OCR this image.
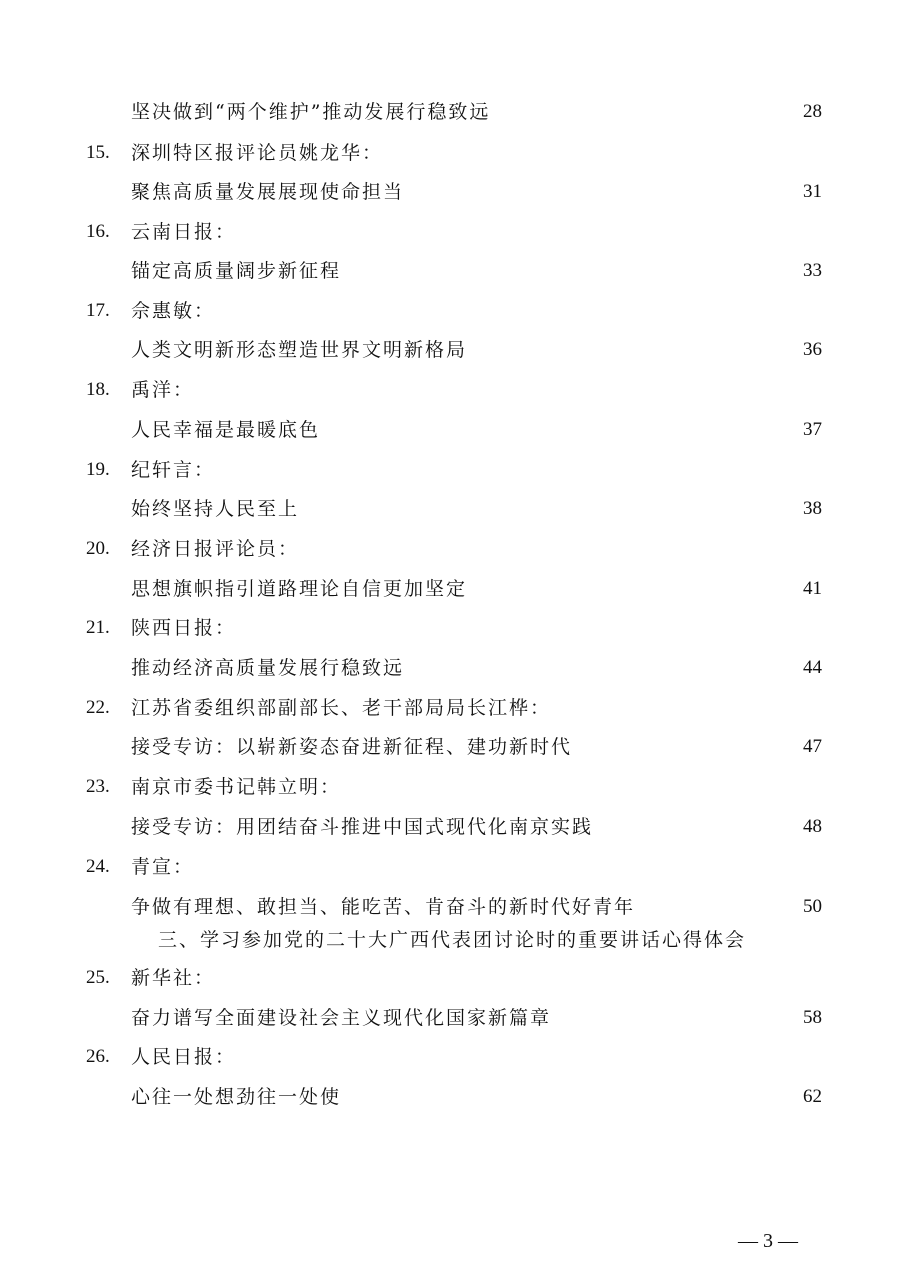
坚决做到“两个维护”推动发展行稳致远	28
15.	深圳特区报评论员姚龙华：
聚焦高质量发展展现使命担当	31
16.	云南日报：
锚定高质量阔步新征程	33
17.	佘惠敏：
人类文明新形态塑造世界文明新格局	36
18.	禹洋：
人民幸福是最暖底色	37
19.	纪轩言：
始终坚持人民至上	38
20.	经济日报评论员：
思想旗帜指引道路理论自信更加坚定	41
21.	陕西日报：
推动经济高质量发展行稳致远	44
22.	江苏省委组织部副部长、老干部局局长江桦：
接受专访：以崭新姿态奋进新征程、建功新时代	47
23.	南京市委书记韩立明：
接受专访：用团结奋斗推进中国式现代化南京实践	48
24.	青宣：
争做有理想、敢担当、能吃苦、肯奋斗的新时代好青年	50
三、学习参加党的二十大广西代表团讨论时的重要讲话心得体会
25.	新华社：
奋力谱写全面建设社会主义现代化国家新篇章	58
26.	人民日报：
心往一处想劲往一处使	62
— 3 —
